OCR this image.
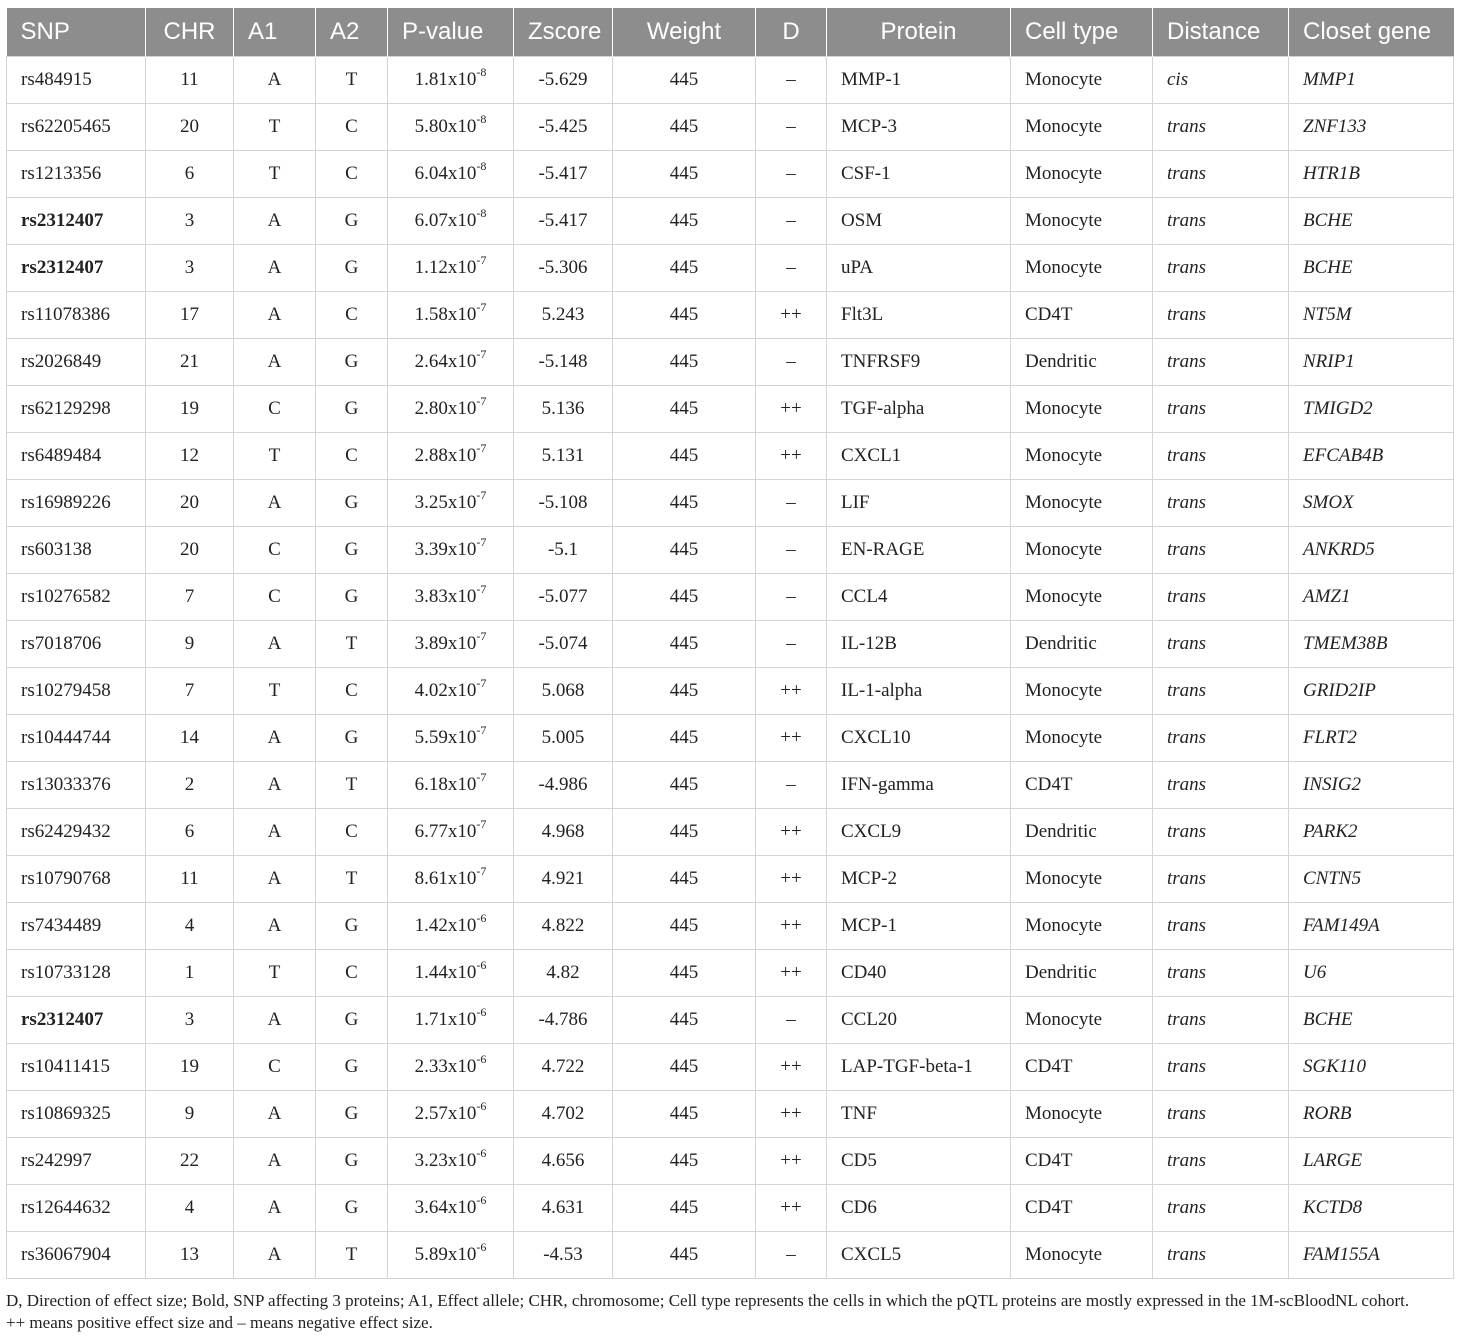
SNP	CHR	A1	A2	P-value	Zscore	Weight	D	Protein	Cell type	Distance	Closet gene
rs484915	11	A	T	$1.81x10^{-8}$	-5.629	445	–	MMP-1	Monocyte	cis	MMP1
rs62205465	20	T	C	$5.80x10^{-8}$	-5.425	445	–	MCP-3	Monocyte	trans	ZNF133
rs1213356	6	T	C	$6.04x10^{-8}$	-5.417	445	–	CSF-1	Monocyte	trans	HTR1B
rs2312407	3	A	G	$6.07x10^{-8}$	-5.417	445	–	OSM	Monocyte	trans	BCHE
rs2312407	3	A	G	$1.12x10^{-7}$	-5.306	445	–	uPA	Monocyte	trans	BCHE
rs11078386	17	A	C	$1.58x10^{-7}$	5.243	445	++	Flt3L	CD4T	trans	NT5M
rs2026849	21	A	G	$2.64x10^{-7}$	-5.148	445	–	TNFRSF9	Dendritic	trans	NRIP1
rs62129298	19	C	G	$2.80x10^{-7}$	5.136	445	++	TGF-alpha	Monocyte	trans	TMIGD2
rs6489484	12	T	C	$2.88x10^{-7}$	5.131	445	++	CXCL1	Monocyte	trans	EFCAB4B
rs16989226	20	A	G	$3.25x10^{-7}$	-5.108	445	–	LIF	Monocyte	trans	SMOX
rs603138	20	C	G	$3.39x10^{-7}$	-5.1	445	–	EN-RAGE	Monocyte	trans	ANKRD5
rs10276582	7	C	G	$3.83x10^{-7}$	-5.077	445	–	CCL4	Monocyte	trans	AMZ1
rs7018706	9	A	T	$3.89x10^{-7}$	-5.074	445	–	IL-12B	Dendritic	trans	TMEM38B
rs10279458	7	T	C	$4.02x10^{-7}$	5.068	445	++	IL-1-alpha	Monocyte	trans	GRID2IP
rs10444744	14	A	G	$5.59x10^{-7}$	5.005	445	++	CXCL10	Monocyte	trans	FLRT2
rs13033376	2	A	T	$6.18x10^{-7}$	-4.986	445	–	IFN-gamma	CD4T	trans	INSIG2
rs62429432	6	A	C	$6.77x10^{-7}$	4.968	445	++	CXCL9	Dendritic	trans	PARK2
rs10790768	11	A	T	$8.61x10^{-7}$	4.921	445	++	MCP-2	Monocyte	trans	CNTN5
rs7434489	4	A	G	$1.42x10^{-6}$	4.822	445	++	MCP-1	Monocyte	trans	FAM149A
rs10733128	1	T	C	$1.44x10^{-6}$	4.82	445	++	CD40	Dendritic	trans	U6
rs2312407	3	A	G	$1.71x10^{-6}$	-4.786	445	–	CCL20	Monocyte	trans	BCHE
rs10411415	19	C	G	$2.33x10^{-6}$	4.722	445	++	LAP-TGF-beta-1	CD4T	trans	SGK110
rs10869325	9	A	G	$2.57x10^{-6}$	4.702	445	++	TNF	Monocyte	trans	RORB
rs242997	22	A	G	$3.23x10^{-6}$	4.656	445	++	CD5	CD4T	trans	LARGE
rs12644632	4	A	G	$3.64x10^{-6}$	4.631	445	++	CD6	CD4T	trans	KCTD8
rs36067904	13	A	T	$5.89x10^{-6}$	-4.53	445	–	CXCL5	Monocyte	trans	FAM155A
D, Direction of effect size; Bold, SNP affecting 3 proteins; A1, Effect allele; CHR, chromosome; Cell type represents the cells in which the pQTL proteins are mostly expressed in the 1M-scBloodNL cohort.
++ means positive effect size and – means negative effect size.
